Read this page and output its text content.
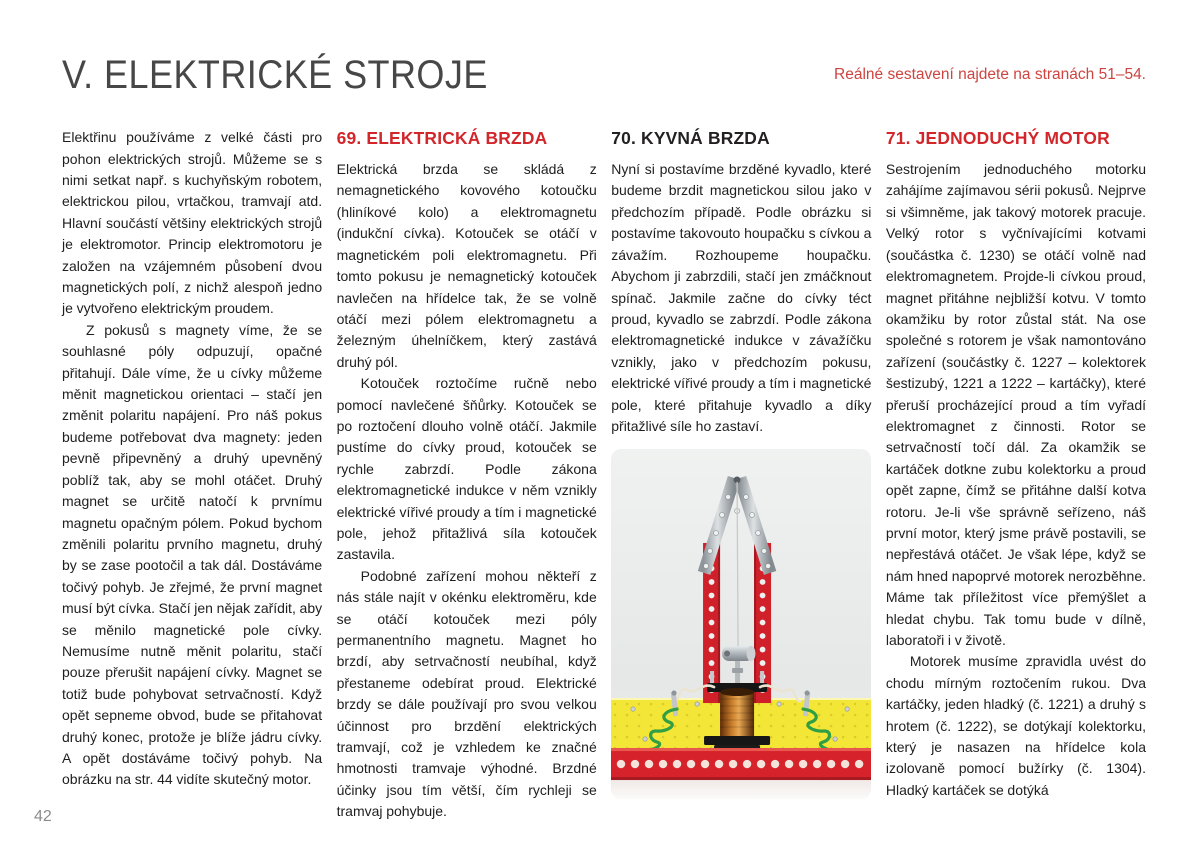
V. ELEKTRICKÉ STROJE	Reálné sestavení najdete na stranách 51–54.

Elektřinu používáme z velké části pro pohon elektrických strojů. Můžeme se s nimi setkat např. s kuchyňským robotem, elektrickou pilou, vrtačkou, tramvají atd. Hlavní součástí většiny elektrických strojů je elektromotor. Princip elektromotoru je založen na vzájemném působení dvou magnetických polí, z nichž alespoň jedno je vytvořeno elektrickým proudem.

Z pokusů s magnety víme, že se souhlasné póly odpuzují, opačné přitahují. Dále víme, že u cívky můžeme měnit magnetickou orientaci – stačí jen změnit polaritu napájení. Pro náš pokus budeme potřebovat dva magnety: jeden pevně připevněný a druhý upevněný poblíž tak, aby se mohl otáčet. Druhý magnet se určitě natočí k prvnímu magnetu opačným pólem. Pokud bychom změnili polaritu prvního magnetu, druhý by se zase pootočil a tak dál. Dostáváme točivý pohyb. Je zřejmé, že první magnet musí být cívka. Stačí jen nějak zařídit, aby se měnilo magnetické pole cívky. Nemusíme nutně měnit polaritu, stačí pouze přerušit napájení cívky. Magnet se totiž bude pohybovat setrvačností. Když opět sepneme obvod, bude se přitahovat druhý konec, protože je blíže jádru cívky. A opět dostáváme točivý pohyb. Na obrázku na str. 44 vidíte skutečný motor.

69. ELEKTRICKÁ BRZDA

Elektrická brzda se skládá z nemagnetického kovového kotoučku (hliníkové kolo) a elektromagnetu (indukční cívka). Kotouček se otáčí v magnetickém poli elektromagnetu. Při tomto pokusu je nemagnetický kotouček navlečen na hřídelce tak, že se volně otáčí mezi pólem elektromagnetu a železným úhelníčkem, který zastává druhý pól.

Kotouček roztočíme ručně nebo pomocí navlečené šňůrky. Kotouček se po roztočení dlouho volně otáčí. Jakmile pustíme do cívky proud, kotouček se rychle zabrzdí. Podle zákona elektromagnetické indukce v něm vznikly elektrické vířivé proudy a tím i magnetické pole, jehož přitažlivá síla kotouček zastavila.

Podobné zařízení mohou někteří z nás stále najít v okénku elektroměru, kde se otáčí kotouček mezi póly permanentního magnetu. Magnet ho brzdí, aby setrvačností neubíhal, když přestaneme odebírat proud. Elektrické brzdy se dále používají pro svou velkou účinnost pro brzdění elektrických tramvají, což je vzhledem ke značné hmotnosti tramvaje výhodné. Brzdné účinky jsou tím větší, čím rychleji se tramvaj pohybuje.

70. KYVNÁ BRZDA

Nyní si postavíme brzděné kyvadlo, které budeme brzdit magnetickou silou jako v předchozím případě. Podle obrázku si postavíme takovouto houpačku s cívkou a závažím. Rozhoupeme houpačku. Abychom ji zabrzdili, stačí jen zmáčknout spínač. Jakmile začne do cívky téct proud, kyvadlo se zabrzdí. Podle zákona elektromagnetické indukce v závažíčku vznikly, jako v předchozím pokusu, elektrické vířivé proudy a tím i magnetické pole, které přitahuje kyvadlo a díky přitažlivé síle ho zastaví.

71. JEDNODUCHÝ MOTOR

Sestrojením jednoduchého motorku zahájíme zajímavou sérii pokusů. Nejprve si všimněme, jak takový motorek pracuje. Velký rotor s vyčnívajícími kotvami (součástka č. 1230) se otáčí volně nad elektromagnetem. Projde-li cívkou proud, magnet přitáhne nejbližší kotvu. V tomto okamžiku by rotor zůstal stát. Na ose společné s rotorem je však namontováno zařízení (součástky č. 1227 – kolektorek šestizubý, 1221 a 1222 – kartáčky), které přeruší procházející proud a tím vyřadí elektromagnet z činnosti. Rotor se setrvačností točí dál. Za okamžik se kartáček dotkne zubu kolektorku a proud opět zapne, čímž se přitáhne další kotva rotoru. Je-li vše správně seřízeno, náš první motor, který jsme právě postavili, se nepřestává otáčet. Je však lépe, když se nám hned napoprvé motorek nerozběhne. Máme tak příležitost více přemýšlet a hledat chybu. Tak tomu bude v dílně, laboratoři i v životě.

Motorek musíme zpravidla uvést do chodu mírným roztočením rukou. Dva kartáčky, jeden hladký (č. 1221) a druhý s hrotem (č. 1222), se dotýkají kolektorku, který je nasazen na hřídelce kola izolovaně pomocí bužírky (č. 1304). Hladký kartáček se dotýká

42
